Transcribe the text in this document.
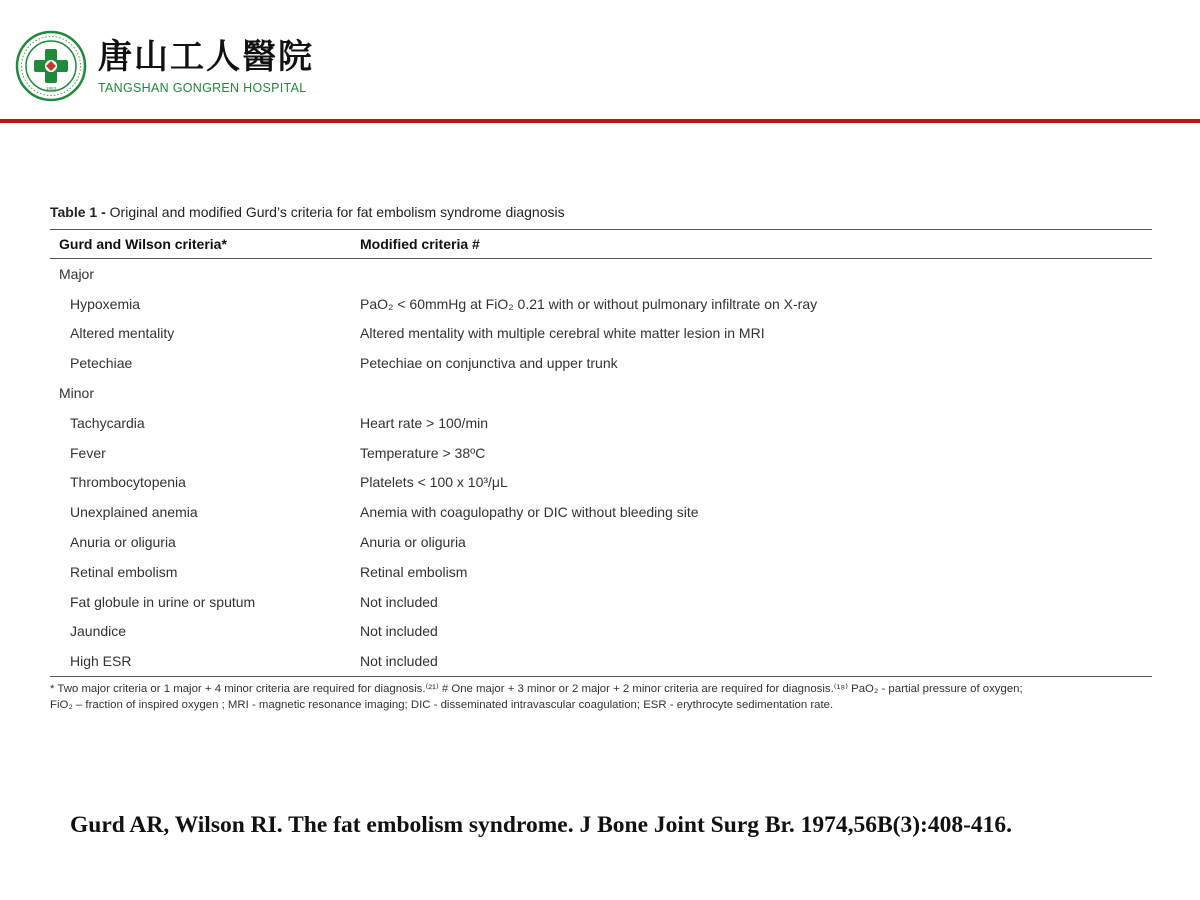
1953
唐山工人醫院
TANGSHAN GONGREN HOSPITAL
Table 1 - Original and modified Gurd’s criteria for fat embolism syndrome diagnosis
Gurd and Wilson criteria*	Modified criteria #
Major	
Hypoxemia	PaO₂ < 60mmHg at FiO₂ 0.21 with or without pulmonary infiltrate on X-ray
Altered mentality	Altered mentality with multiple cerebral white matter lesion in MRI
Petechiae	Petechiae on conjunctiva and upper trunk
Minor	
Tachycardia	Heart rate > 100/min
Fever	Temperature > 38ºC
Thrombocytopenia	Platelets < 100 x 10³/μL
Unexplained anemia	Anemia with coagulopathy or DIC without bleeding site
Anuria or oliguria	Anuria or oliguria
Retinal embolism	Retinal embolism
Fat globule in urine or sputum	Not included
Jaundice	Not included
High ESR	Not included
* Two major criteria or 1 major + 4 minor criteria are required for diagnosis.⁽²¹⁾ # One major + 3 minor or 2 major + 2 minor criteria are required for diagnosis.⁽¹⁸⁾ PaO₂ - partial pressure of oxygen;
FiO₂ – fraction of inspired oxygen ; MRI - magnetic resonance imaging; DIC - disseminated intravascular coagulation; ESR - erythrocyte sedimentation rate.
Gurd AR, Wilson RI. The fat embolism syndrome. J Bone Joint Surg Br. 1974,56B(3):408-416.
